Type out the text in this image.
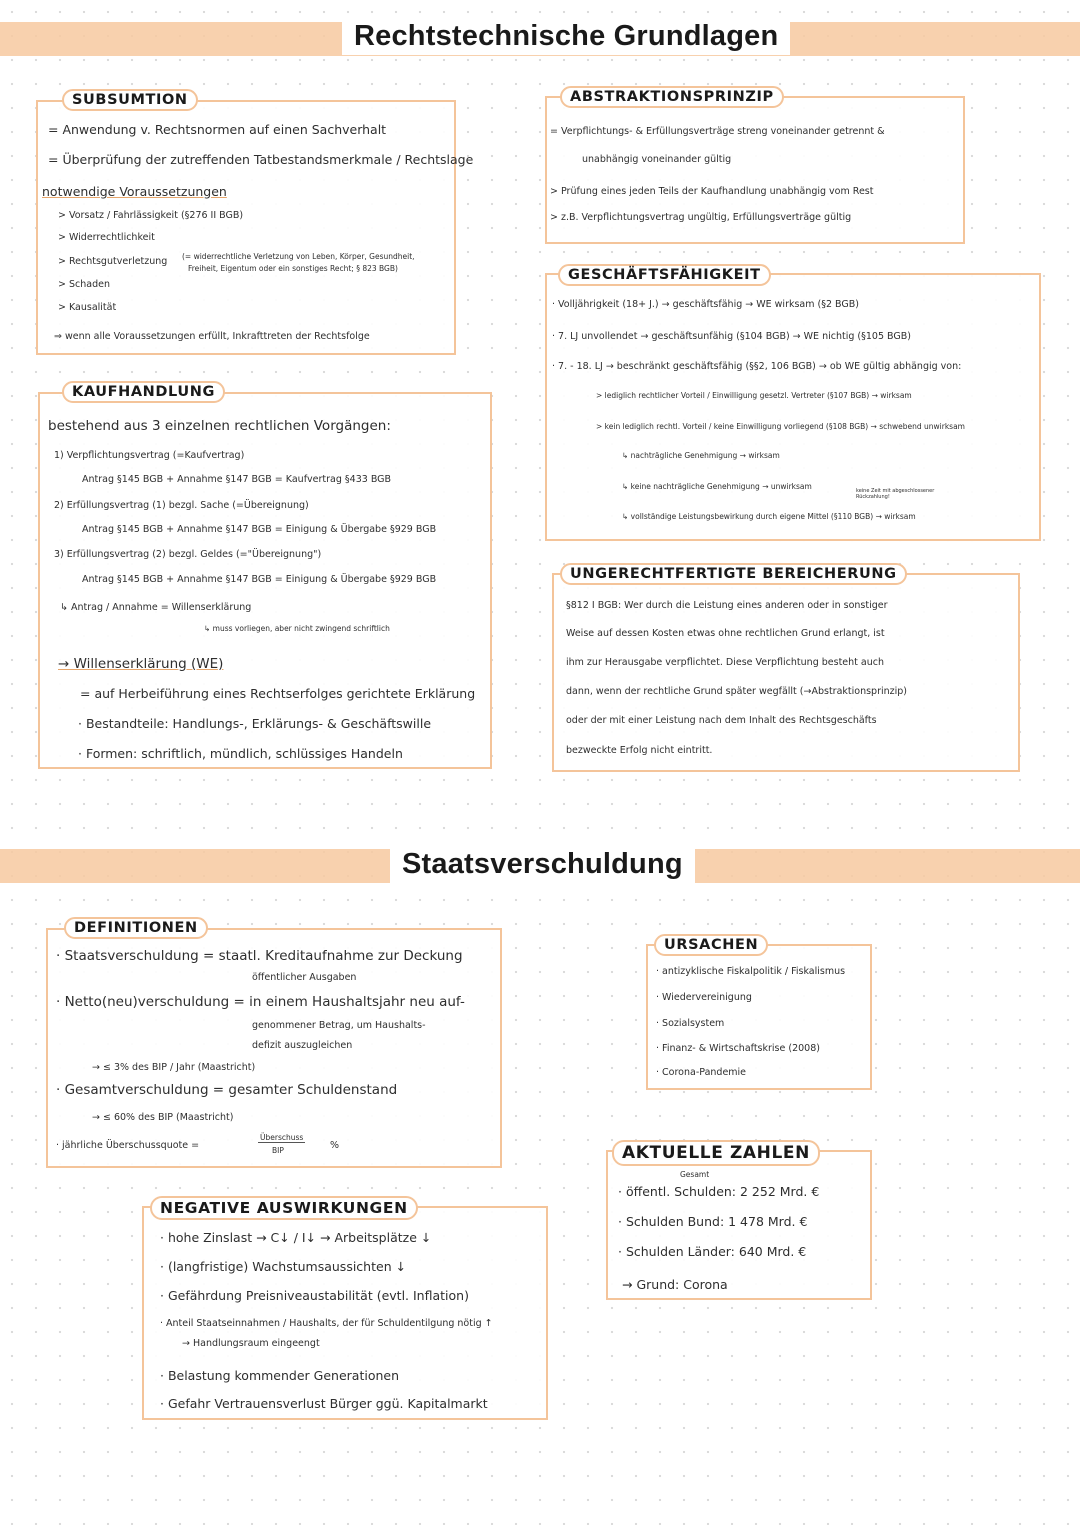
Rechtstechnische Grundlagen
SUBSUMTION
= Anwendung v. Rechtsnormen auf einen Sachverhalt
= Überprüfung der zutreffenden Tatbestandsmerkmale / Rechtslage
notwendige Voraussetzungen
> Vorsatz / Fahrlässigkeit (§276 II BGB)
> Widerrechtlichkeit
> Rechtsgutverletzung (= widerrechtliche Verletzung von Leben, Körper, Gesundheit,
Freiheit, Eigentum oder ein sonstiges Recht; § 823 BGB)
> Schaden
> Kausalität
⇒ wenn alle Voraussetzungen erfüllt, Inkrafttreten der Rechtsfolge
KAUFHANDLUNG
bestehend aus 3 einzelnen rechtlichen Vorgängen:
1) Verpflichtungsvertrag (=Kaufvertrag)
Antrag §145 BGB + Annahme §147 BGB = Kaufvertrag §433 BGB
2) Erfüllungsvertrag (1) bezgl. Sache (=Übereignung)
Antrag §145 BGB + Annahme §147 BGB = Einigung & Übergabe §929 BGB
3) Erfüllungsvertrag (2) bezgl. Geldes (="Übereignung")
Antrag §145 BGB + Annahme §147 BGB = Einigung & Übergabe §929 BGB
↳ Antrag / Annahme = Willenserklärung
↳ muss vorliegen, aber nicht zwingend schriftlich
→ Willenserklärung (WE)
= auf Herbeiführung eines Rechtserfolges gerichtete Erklärung
· Bestandteile: Handlungs-, Erklärungs- & Geschäftswille
· Formen: schriftlich, mündlich, schlüssiges Handeln
ABSTRAKTIONSPRINZIP
= Verpflichtungs- & Erfüllungsverträge streng voneinander getrennt &
unabhängig voneinander gültig
> Prüfung eines jeden Teils der Kaufhandlung unabhängig vom Rest
> z.B. Verpflichtungsvertrag ungültig, Erfüllungsverträge gültig
GESCHÄFTSFÄHIGKEIT
· Volljährigkeit (18+ J.) → geschäftsfähig → WE wirksam (§2 BGB)
· 7. LJ unvollendet → geschäftsunfähig (§104 BGB) → WE nichtig (§105 BGB)
· 7. - 18. LJ → beschränkt geschäftsfähig (§§2, 106 BGB) → ob WE gültig abhängig von:
> lediglich rechtlicher Vorteil / Einwilligung gesetzl. Vertreter (§107 BGB) → wirksam
> kein lediglich rechtl. Vorteil / keine Einwilligung vorliegend (§108 BGB) → schwebend unwirksam
↳ nachträgliche Genehmigung → wirksam
↳ keine nachträgliche Genehmigung → unwirksam	keine Zeit mit abgeschlossener Rückzahlung!
↳ vollständige Leistungsbewirkung durch eigene Mittel (§110 BGB) → wirksam
UNGERECHTFERTIGTE BEREICHERUNG
§812 I BGB: Wer durch die Leistung eines anderen oder in sonstiger
Weise auf dessen Kosten etwas ohne rechtlichen Grund erlangt, ist
ihm zur Herausgabe verpflichtet. Diese Verpflichtung besteht auch
dann, wenn der rechtliche Grund später wegfällt (→Abstraktionsprinzip)
oder der mit einer Leistung nach dem Inhalt des Rechtsgeschäfts
bezweckte Erfolg nicht eintritt.
Staatsverschuldung
DEFINITIONEN
· Staatsverschuldung = staatl. Kreditaufnahme zur Deckung
öffentlicher Ausgaben
· Netto(neu)verschuldung = in einem Haushaltsjahr neu auf-
genommener Betrag, um Haushalts-
defizit auszugleichen
→ ≤ 3% des BIP / Jahr (Maastricht)
· Gesamtverschuldung = gesamter Schuldenstand
→ ≤ 60% des BIP (Maastricht)
· jährliche Überschussquote =
Überschuss
BIP	%
URSACHEN
· antizyklische Fiskalpolitik / Fiskalismus
· Wiedervereinigung
· Sozialsystem
· Finanz- & Wirtschaftskrise (2008)
· Corona-Pandemie
AKTUELLE ZAHLEN
Gesamt
· öffentl. Schulden: 2 252 Mrd. €
· Schulden Bund: 1 478 Mrd. €
· Schulden Länder: 640 Mrd. €
→ Grund: Corona
NEGATIVE AUSWIRKUNGEN
· hohe Zinslast → C↓ / I↓ → Arbeitsplätze ↓
· (langfristige) Wachstumsaussichten ↓
· Gefährdung Preisniveaustabilität (evtl. Inflation)
· Anteil Staatseinnahmen / Haushalts, der für Schuldentilgung nötig ↑
→ Handlungsraum eingeengt
· Belastung kommender Generationen
· Gefahr Vertrauensverlust Bürger ggü. Kapitalmarkt
